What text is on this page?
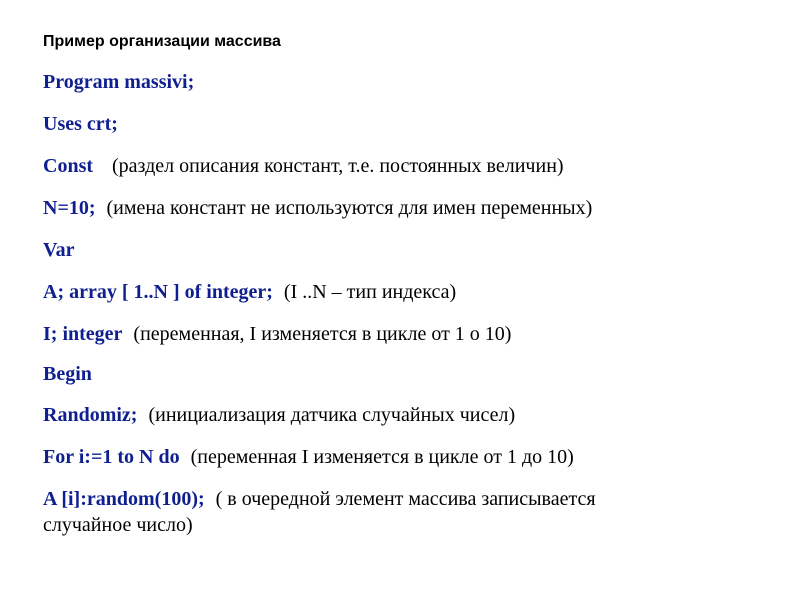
Пример организации массива
Program massivi;
Uses crt;
Const (раздел описания констант, т.е. постоянных величин)
N=10; (имена констант не используются для имен переменных)
Var
A; array [ 1..N ] of integer; (I ..N – тип индекса)
I; integer (переменная, I изменяется в цикле от 1 о 10)
Begin
Randomiz; (инициализация датчика случайных чисел)
For i:=1 to N do (переменная I изменяется в цикле от 1 до 10)
A [i]:random(100); ( в очередной элемент массива записывается
случайное число)
